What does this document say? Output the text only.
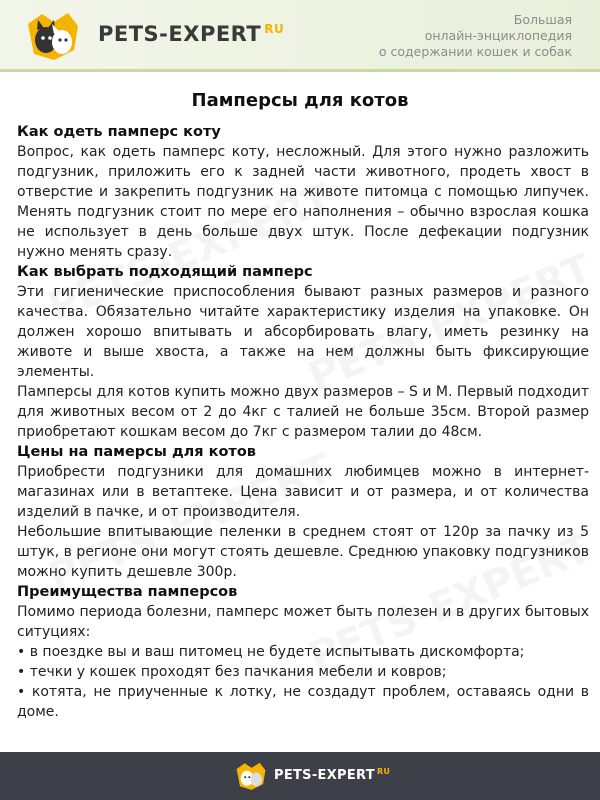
PETS-EXPERT $^{RU}$
Большая
онлайн-энциклопедия
о содержании кошек и собак
Памперсы для котов
Как одеть памперс коту

Вопрос, как одеть памперс коту, несложный. Для этого нужно разложить подгузник, приложить его к задней части животного, продеть хвост в отверстие и закрепить подгузник на животе питомца с помощью липучек. Менять подгузник стоит по мере его наполнения – обычно взрослая кошка не использует в день больше двух штук. После дефекации подгузник нужно менять сразу.

Как выбрать подходящий памперс

Эти гигиенические приспособления бывают разных размеров и разного качества. Обязательно читайте характеристику изделия на упаковке. Он должен хорошо впитывать и абсорбировать влагу, иметь резинку на животе и выше хвоста, а также на нем должны быть фиксирующие элементы.

Памперсы для котов купить можно двух размеров – S и M. Первый подходит для животных весом от 2 до 4кг с талией не больше 35см. Второй размер приобретают кошкам весом до 7кг с размером талии до 48см.

Цены на памерсы для котов

Приобрести подгузники для домашних любимцев можно в интернет-магазинах или в ветаптеке. Цена зависит и от размера, и от количества изделий в пачке, и от производителя.

Небольшие впитывающие пеленки в среднем стоят от 120р за пачку из 5 штук, в регионе они могут стоять дешевле. Среднюю упаковку подгузников можно купить дешевле 300р.

Преимущества памперсов

Помимо периода болезни, памперс может быть полезен и в других бытовых ситуциях:

• в поездке вы и ваш питомец не будете испытывать дискомфорта;
• течки у кошек проходят без пачкания мебели и ковров;
• котята, не приученные к лотку, не создадут проблем, оставаясь одни в доме.
PETS-EXPERT $^{RU}$
